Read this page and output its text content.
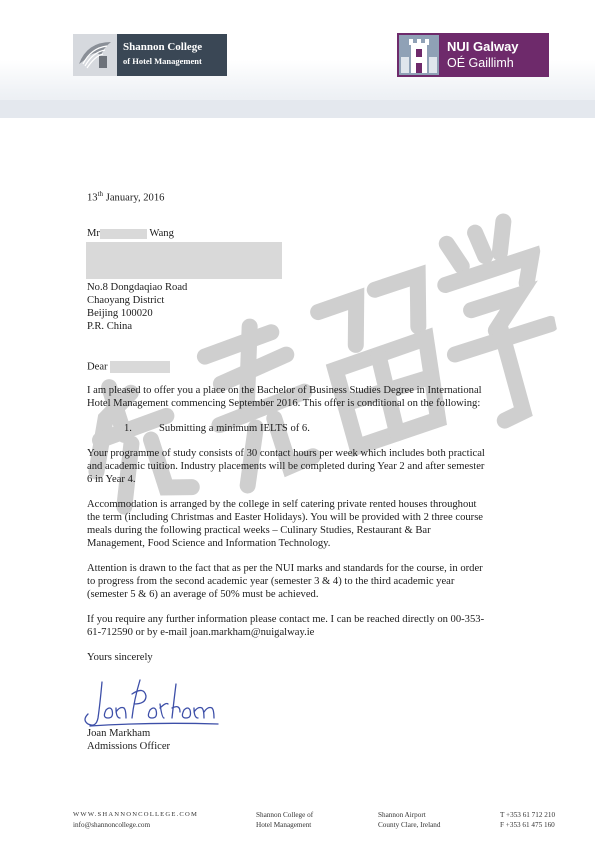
Shannon College
of Hotel Management
NUI Galway
OÉ Gaillimh
13th January, 2016
Mr	Wang
No.8 Dongdaqiao Road
Chaoyang District
Beijing 100020
P.R. China
Dear
I am pleased to offer you a place on the Bachelor of Business Studies Degree in International
Hotel Management commencing September 2016. This offer is conditional on the following:
1.	Submitting a minimum IELTS of 6.
Your programme of study consists of 30 contact hours per week which includes both practical
and academic tuition. Industry placements will be completed during Year 2 and after semester
6 in Year 4.
Accommodation is arranged by the college in self catering private rented houses throughout
the term (including Christmas and Easter Holidays). You will be provided with 2 three course
meals during the following practical weeks – Culinary Studies, Restaurant & Bar
Management, Food Science and Information Technology.
Attention is drawn to the fact that as per the NUI marks and standards for the course, in order
to progress from the second academic year (semester 3 & 4) to the third academic year
(semester 5 & 6) an average of 50% must be achieved.
If you require any further information please contact me. I can be reached directly on 00-353-
61-712590 or by e-mail joan.markham@nuigalway.ie
Yours sincerely
Joan Markham
Admissions Officer
WWW.SHANNONCOLLEGE.COM
info@shannoncollege.com
Shannon College of
Hotel Management
Shannon Airport
County Clare, Ireland
T +353 61 712 210
F +353 61 475 160
